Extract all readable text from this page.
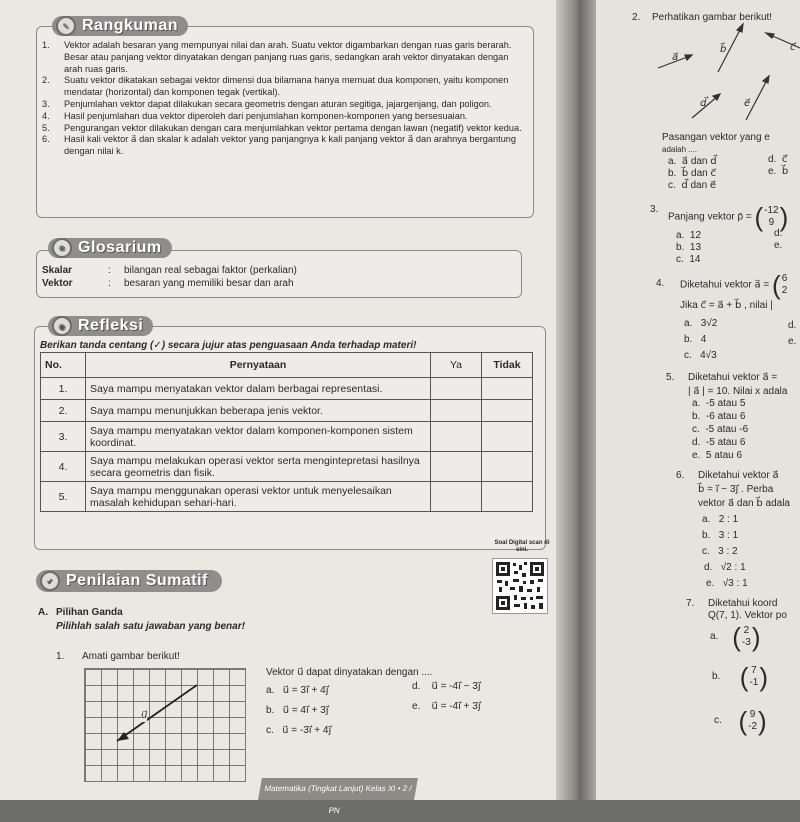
✎ Rangkuman
1.	Vektor adalah besaran yang mempunyai nilai dan arah. Suatu vektor digambarkan dengan ruas garis berarah. Besar atau panjang vektor dinyatakan dengan panjang ruas garis, sedangkan arah vektor dinyatakan dengan arah ruas garis.
2.	Suatu vektor dikatakan sebagai vektor dimensi dua bilamana hanya memuat dua komponen, yaitu komponen mendatar (horizontal) dan komponen tegak (vertikal).
3.	Penjumlahan vektor dapat dilakukan secara geometris dengan aturan segitiga, jajargenjang, dan poligon.
4.	Hasil penjumlahan dua vektor diperoleh dari penjumlahan komponen-komponen yang bersesuaian.
5.	Pengurangan vektor dilakukan dengan cara menjumlahkan vektor pertama dengan lawan (negatif) vektor kedua.
6.	Hasil kali vektor a⃗ dan skalar k adalah vektor yang panjangnya k kali panjang vektor a⃗ dan arahnya bergantung dengan nilai k.
❋ Glosarium
Skalar	:	bilangan real sebagai faktor (perkalian)
Vektor	:	besaran yang memiliki besar dan arah
◉ Refleksi
Berikan tanda centang (✓) secara jujur atas penguasaan Anda terhadap materi!
No.	Pernyataan	Ya	Tidak
1.	Saya mampu menyatakan vektor dalam berbagai representasi.		
2.	Saya mampu menunjukkan beberapa jenis vektor.		
3.	Saya mampu menyatakan vektor dalam komponen-komponen sistem koordinat.		
4.	Saya mampu melakukan operasi vektor serta mengintepretasi hasilnya secara geometris dan fisik.		
5.	Saya mampu menggunakan operasi vektor untuk menyelesaikan masalah kehidupan sehari-hari.		
Soal Digital scan di sini.
✔ Penilaian Sumatif
A. Pilihan Ganda
Pilihlah salah satu jawaban yang benar!
1. Amati gambar berikut!
u⃗
Vektor u⃗ dapat dinyatakan dengan ....
a. u⃗ = 3i⃗ + 4j⃗
b. u⃗ = 4i⃗ + 3j⃗
c. u⃗ = -3i⃗ + 4j⃗
d. u⃗ = -4i⃗ − 3j⃗
e. u⃗ = -4i⃗ + 3j⃗
Matematika (Tingkat Lanjut) Kelas XI • 2 / PN
2. Perhatikan gambar berikut!
a⃗
b⃗	c⃗
d⃗	e⃗
Pasangan vektor yang e
adalah ....
a. a⃗ dan d⃗
b. b⃗ dan c⃗
c. d⃗ dan e⃗
d. c⃗
e. b⃗
3.
Panjang vektor p̄ = ( -12
9 )
a. 12
b. 13
c. 14
d.
e.
4. Diketahui vektor a⃗ = ( 6
2
Jika c⃗ = a⃗ + b⃗ , nilai |
a. 3√2
b. 4
c. 4√3
d.
e.
5. Diketahui vektor a⃗ =
| a⃗ | = 10. Nilai x adala
a. -5 atau 5
b. -6 atau 6
c. -5 atau -6
d. -5 atau 6
e. 5 atau 6
6. Diketahui vektor a⃗
b⃗ = i⃗ − 3j⃗ . Perba
vektor a⃗ dan b⃗ adala
a. 2 : 1
b. 3 : 1
c. 3 : 2
d. √2 : 1
e. √3 : 1
7. Diketahui koord
Q(7, 1). Vektor po
a. ( 2
-3 )
b. ( 7
-1 )
c. ( 9
-2 )
